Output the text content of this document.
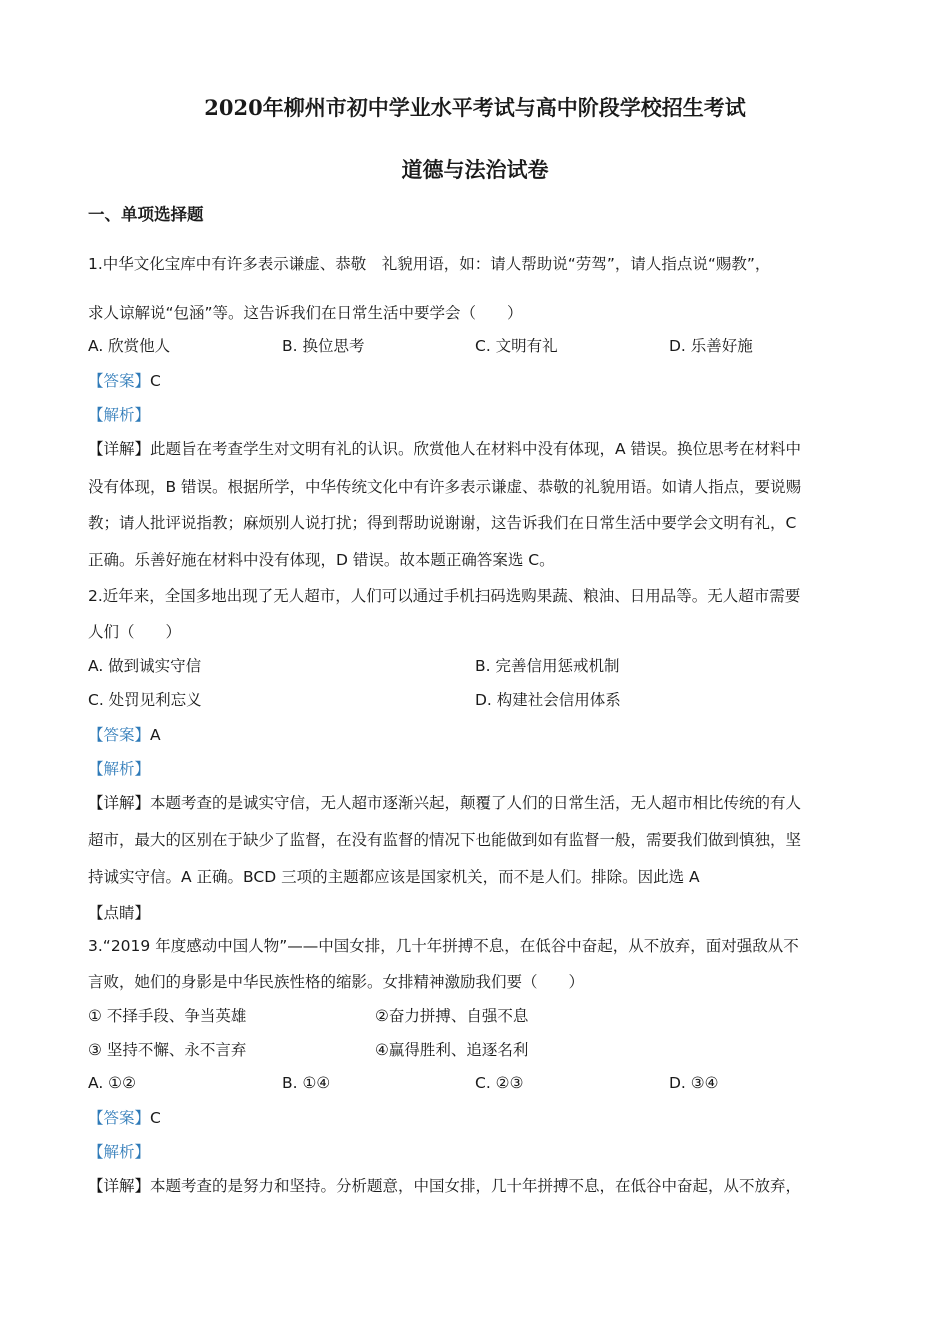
2020年柳州市初中学业水平考试与高中阶段学校招生考试
道德与法治试卷
一、单项选择题
1.中华文化宝库中有许多表示谦虚、恭敬　礼貌用语，如：请人帮助说“劳驾”，请人指点说“赐教”，
求人谅解说“包涵”等。这告诉我们在日常生活中要学会（　　）
A. 欣赏他人	B. 换位思考	C. 文明有礼	D. 乐善好施
【答案】C
【解析】
【详解】此题旨在考查学生对文明有礼的认识。欣赏他人在材料中没有体现，A 错误。换位思考在材料中
没有体现，B 错误。根据所学，中华传统文化中有许多表示谦虚、恭敬的礼貌用语。如请人指点，要说赐
教；请人批评说指教；麻烦别人说打扰；得到帮助说谢谢，这告诉我们在日常生活中要学会文明有礼，C
正确。乐善好施在材料中没有体现，D 错误。故本题正确答案选 C。
2.近年来，全国多地出现了无人超市，人们可以通过手机扫码选购果蔬、粮油、日用品等。无人超市需要
人们（　　）
A. 做到诚实守信	B. 完善信用惩戒机制
C. 处罚见利忘义	D. 构建社会信用体系
【答案】A
【解析】
【详解】本题考查的是诚实守信，无人超市逐渐兴起，颠覆了人们的日常生活，无人超市相比传统的有人
超市，最大的区别在于缺少了监督，在没有监督的情况下也能做到如有监督一般，需要我们做到慎独，坚
持诚实守信。A 正确。BCD 三项的主题都应该是国家机关，而不是人们。排除。因此选 A
【点睛】
3.“2019 年度感动中国人物”——中国女排，几十年拼搏不息，在低谷中奋起，从不放弃，面对强敌从不
言败，她们的身影是中华民族性格的缩影。女排精神激励我们要（　　）
① 不择手段、争当英雄	②奋力拼搏、自强不息
③ 坚持不懈、永不言弃	④赢得胜利、追逐名利
A. ①②	B. ①④	C. ②③	D. ③④
【答案】C
【解析】
【详解】本题考查的是努力和坚持。分析题意，中国女排，几十年拼搏不息，在低谷中奋起，从不放弃，
